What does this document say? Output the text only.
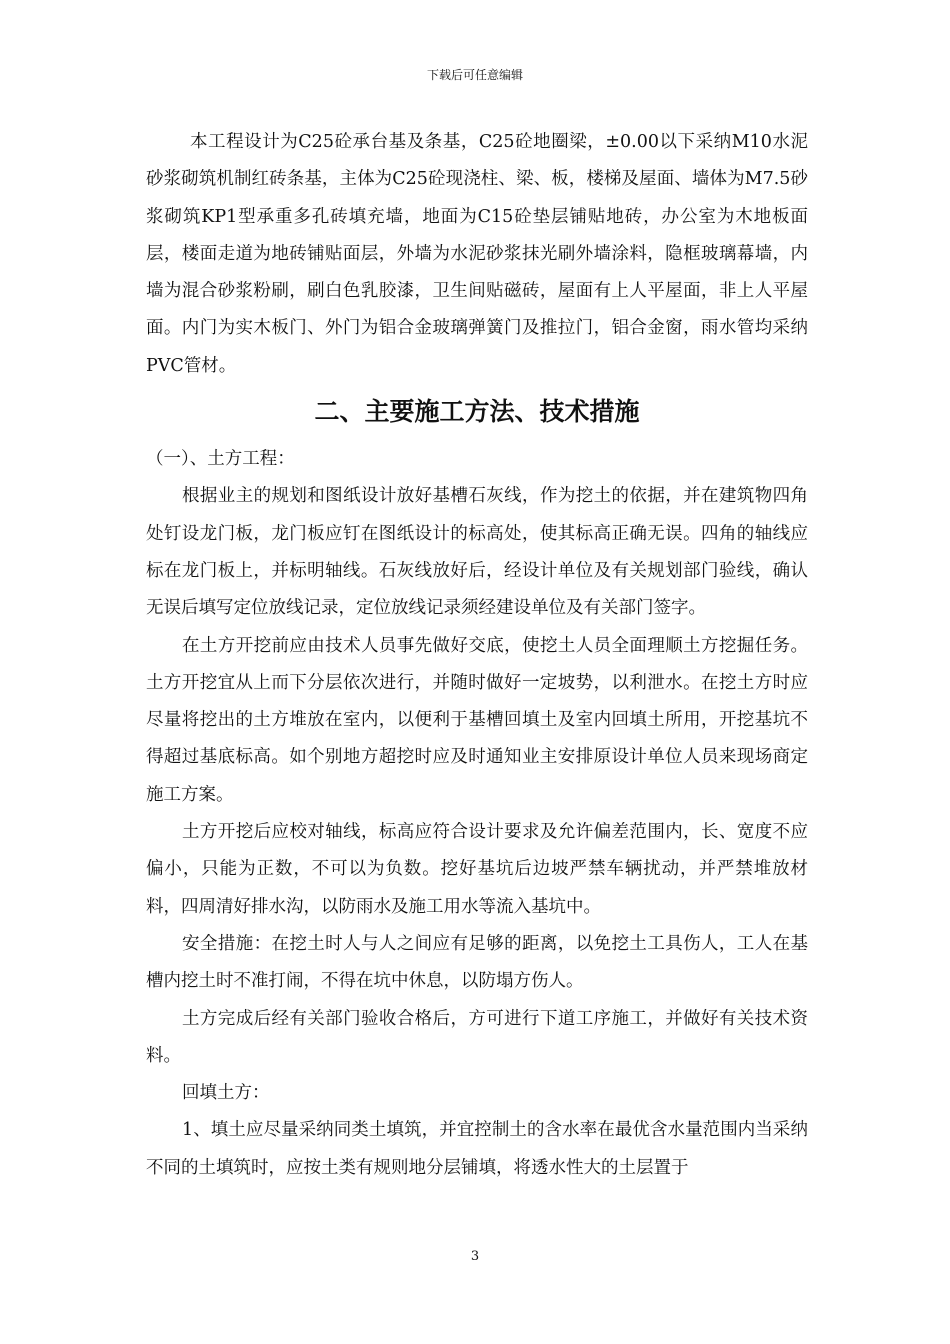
下载后可任意编辑

本工程设计为C25砼承台基及条基，C25砼地圈梁，±0.00以下采纳M10水泥砂浆砌筑机制红砖条基，主体为C25砼现浇柱、梁、板，楼梯及屋面、墙体为M7.5砂浆砌筑KP1型承重多孔砖填充墙，地面为C15砼垫层铺贴地砖，办公室为木地板面层，楼面走道为地砖铺贴面层，外墙为水泥砂浆抹光刷外墙涂料，隐框玻璃幕墙，内墙为混合砂浆粉刷，刷白色乳胶漆，卫生间贴磁砖，屋面有上人平屋面，非上人平屋面。内门为实木板门、外门为铝合金玻璃弹簧门及推拉门，铝合金窗，雨水管均采纳PVC管材。

二、主要施工方法、技术措施

（一）、土方工程：

根据业主的规划和图纸设计放好基槽石灰线，作为挖土的依据，并在建筑物四角处钉设龙门板，龙门板应钉在图纸设计的标高处，使其标高正确无误。四角的轴线应标在龙门板上，并标明轴线。石灰线放好后，经设计单位及有关规划部门验线，确认无误后填写定位放线记录，定位放线记录须经建设单位及有关部门签字。

在土方开挖前应由技术人员事先做好交底，使挖土人员全面理顺土方挖掘任务。土方开挖宜从上而下分层依次进行，并随时做好一定坡势，以利泄水。在挖土方时应尽量将挖出的土方堆放在室内，以便利于基槽回填土及室内回填土所用，开挖基坑不得超过基底标高。如个别地方超挖时应及时通知业主安排原设计单位人员来现场商定施工方案。

土方开挖后应校对轴线，标高应符合设计要求及允许偏差范围内，长、宽度不应偏小，只能为正数，不可以为负数。挖好基坑后边坡严禁车辆扰动，并严禁堆放材料，四周清好排水沟，以防雨水及施工用水等流入基坑中。

安全措施：在挖土时人与人之间应有足够的距离，以免挖土工具伤人，工人在基槽内挖土时不准打闹，不得在坑中休息，以防塌方伤人。

土方完成后经有关部门验收合格后，方可进行下道工序施工，并做好有关技术资料。

回填土方：

1、填土应尽量采纳同类土填筑，并宜控制土的含水率在最优含水量范围内当采纳不同的土填筑时，应按土类有规则地分层铺填，将透水性大的土层置于

3
